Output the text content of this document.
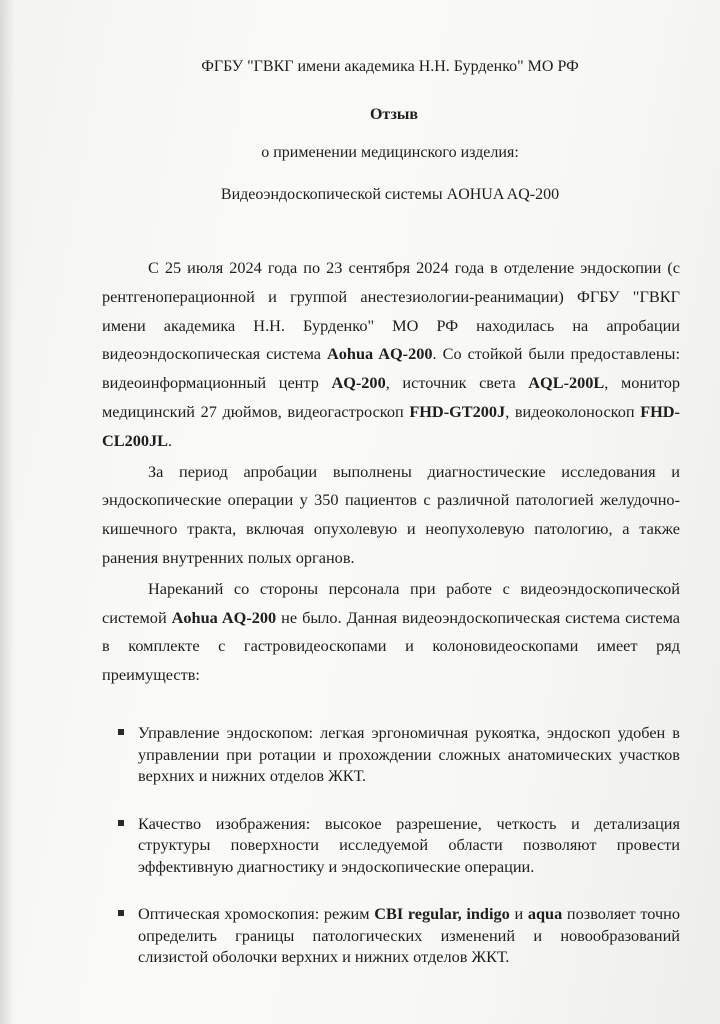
ФГБУ "ГВКГ имени академика Н.Н. Бурденко" МО РФ
Отзыв
о применении медицинского изделия:
Видеоэндоскопической системы AOHUA AQ-200

С 25 июля 2024 года по 23 сентября 2024 года в отделение эндоскопии (с рентгеноперационной и группой анестезиологии-реанимации) ФГБУ "ГВКГ имени академика Н.Н. Бурденко" МО РФ находилась на апробации видеоэндоскопическая система Aohua AQ-200. Со стойкой были предоставлены: видеоинформационный центр AQ-200, источник света AQL-200L, монитор медицинский 27 дюймов, видеогастроскоп FHD-GT200J, видеоколоноскоп FHD-CL200JL.

За период апробации выполнены диагностические исследования и эндоскопические операции у 350 пациентов с различной патологией желудочно-кишечного тракта, включая опухолевую и неопухолевую патологию, а также ранения внутренних полых органов.

Нареканий со стороны персонала при работе с видеоэндоскопической системой Aohua AQ-200 не было. Данная видеоэндоскопическая система система в комплекте с гастровидеоскопами и колоновидеоскопами имеет ряд преимуществ:

Управление эндоскопом: легкая эргономичная рукоятка, эндоскоп удобен в управлении при ротации и прохождении сложных анатомических участков верхних и нижних отделов ЖКТ.
Качество изображения: высокое разрешение, четкость и детализация структуры поверхности исследуемой области позволяют провести эффективную диагностику и эндоскопические операции.
Оптическая хромоскопия: режим CBI regular, indigo и aqua позволяет точно определить границы патологических изменений и новообразований слизистой оболочки верхних и нижних отделов ЖКТ.
